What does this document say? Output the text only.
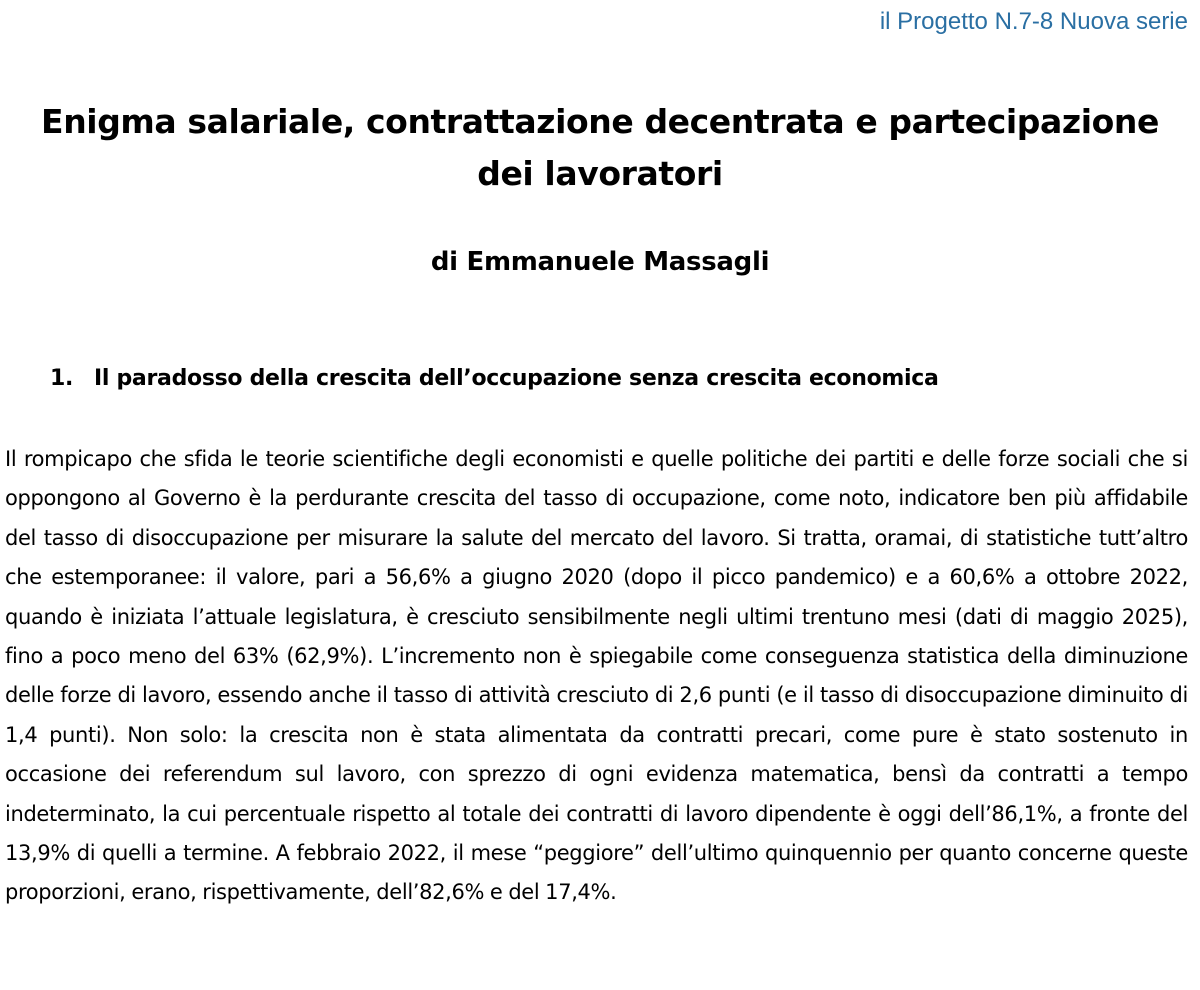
il Progetto N.7-8 Nuova serie
Enigma salariale, contrattazione decentrata e partecipazione dei lavoratori
di Emmanuele Massagli
1. Il paradosso della crescita dell’occupazione senza crescita economica

Il rompicapo che sfida le teorie scientifiche degli economisti e quelle politiche dei partiti e delle forze sociali che si oppongono al Governo è la perdurante crescita del tasso di occupazione, come noto, indicatore ben più affidabile del tasso di disoccupazione per misurare la salute del mercato del lavoro. Si tratta, oramai, di statistiche tutt’altro che estemporanee: il valore, pari a 56,6% a giugno 2020 (dopo il picco pandemico) e a 60,6% a ottobre 2022, quando è iniziata l’attuale legislatura, è cresciuto sensibilmente negli ultimi trentuno mesi (dati di maggio 2025), fino a poco meno del 63% (62,9%). L’incremento non è spiegabile come conseguenza statistica della diminuzione delle forze di lavoro, essendo anche il tasso di attività cresciuto di 2,6 punti (e il tasso di disoccupazione diminuito di 1,4 punti). Non solo: la crescita non è stata alimentata da contratti precari, come pure è stato sostenuto in occasione dei referendum sul lavoro, con sprezzo di ogni evidenza matematica, bensì da contratti a tempo indeterminato, la cui percentuale rispetto al totale dei contratti di lavoro dipendente è oggi dell’86,1%, a fronte del 13,9% di quelli a termine. A febbraio 2022, il mese “peggiore” dell’ultimo quinquennio per quanto concerne queste proporzioni, erano, rispettivamente, dell’82,6% e del 17,4%.
